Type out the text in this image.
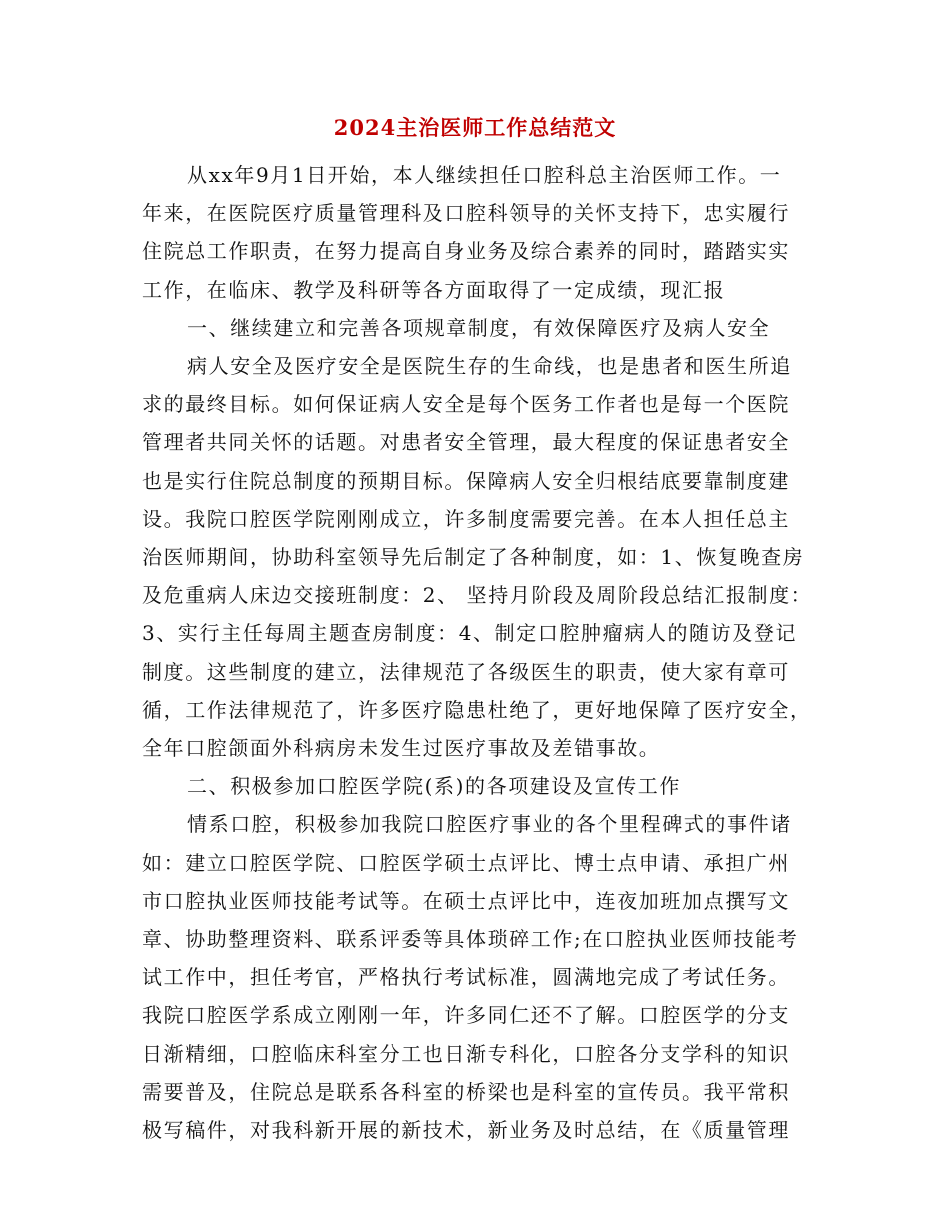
2024主治医师工作总结范文
从xx年9月1日开始，本人继续担任口腔科总主治医师工作。一
年来，在医院医疗质量管理科及口腔科领导的关怀支持下，忠实履行
住院总工作职责，在努力提高自身业务及综合素养的同时，踏踏实实
工作，在临床、教学及科研等各方面取得了一定成绩，现汇报
一、继续建立和完善各项规章制度，有效保障医疗及病人安全
病人安全及医疗安全是医院生存的生命线，也是患者和医生所追
求的最终目标。如何保证病人安全是每个医务工作者也是每一个医院
管理者共同关怀的话题。对患者安全管理，最大程度的保证患者安全
也是实行住院总制度的预期目标。保障病人安全归根结底要靠制度建
设。我院口腔医学院刚刚成立，许多制度需要完善。在本人担任总主
治医师期间，协助科室领导先后制定了各种制度，如：1、恢复晚查房
及危重病人床边交接班制度：2、 坚持月阶段及周阶段总结汇报制度：
3、实行主任每周主题查房制度：4、制定口腔肿瘤病人的随访及登记
制度。这些制度的建立，法律规范了各级医生的职责，使大家有章可
循，工作法律规范了，许多医疗隐患杜绝了，更好地保障了医疗安全，
全年口腔颌面外科病房未发生过医疗事故及差错事故。
二、积极参加口腔医学院(系)的各项建设及宣传工作
情系口腔，积极参加我院口腔医疗事业的各个里程碑式的事件诸
如：建立口腔医学院、口腔医学硕士点评比、博士点申请、承担广州
市口腔执业医师技能考试等。在硕士点评比中，连夜加班加点撰写文
章、协助整理资料、联系评委等具体琐碎工作;在口腔执业医师技能考
试工作中，担任考官，严格执行考试标准，圆满地完成了考试任务。
我院口腔医学系成立刚刚一年，许多同仁还不了解。口腔医学的分支
日渐精细，口腔临床科室分工也日渐专科化，口腔各分支学科的知识
需要普及，住院总是联系各科室的桥梁也是科室的宣传员。我平常积
极写稿件，对我科新开展的新技术，新业务及时总结，在《质量管理
